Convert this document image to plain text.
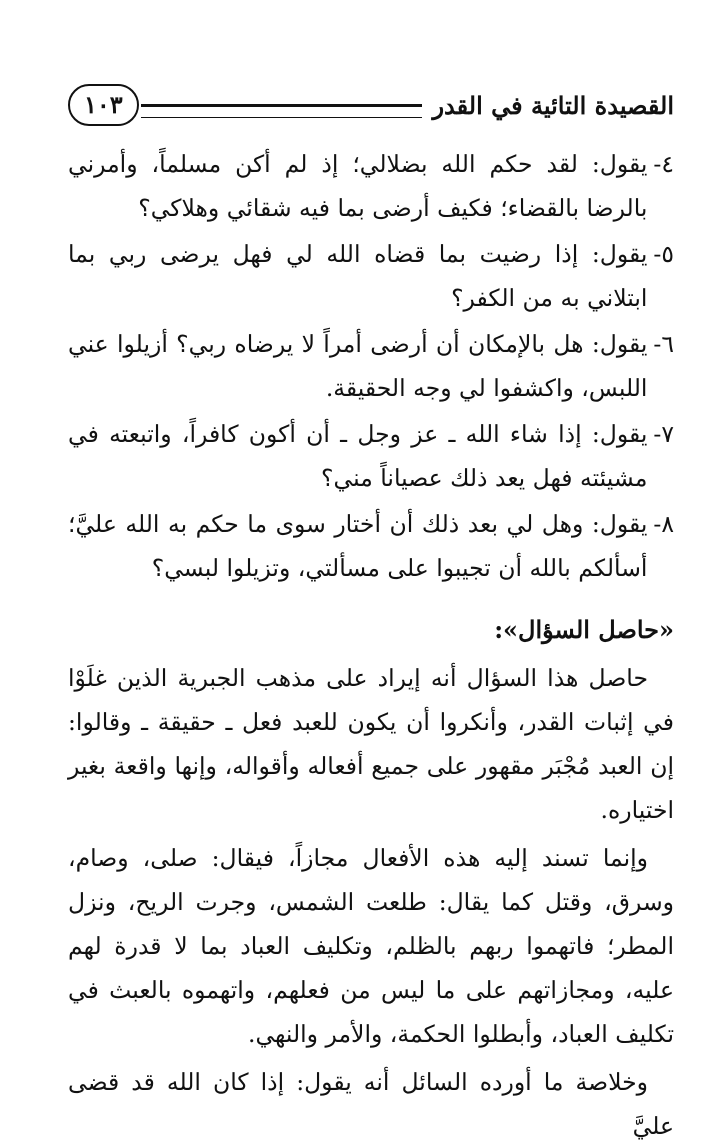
القصيدة التائية في القدر
١٠٣
٤-
يقول: لقد حكم الله بضلالي؛ إذ لم أكن مسلماً، وأمرني بالرضا بالقضاء؛ فكيف أرضى بما فيه شقائي وهلاكي؟
٥-
يقول: إذا رضيت بما قضاه الله لي فهل يرضى ربي بما ابتلاني به من الكفر؟
٦-
يقول: هل بالإمكان أن أرضى أمراً لا يرضاه ربي؟ أزيلوا عني اللبس، واكشفوا لي وجه الحقيقة.
٧-
يقول: إذا شاء الله ـ عز وجل ـ أن أكون كافراً، واتبعته في مشيئته فهل يعد ذلك عصياناً مني؟
٨-
يقول: وهل لي بعد ذلك أن أختار سوى ما حكم به الله عليَّ؛ أسألكم بالله أن تجيبوا على مسألتي، وتزيلوا لبسي؟
«حاصل السؤال»:

حاصل هذا السؤال أنه إيراد على مذهب الجبرية الذين غلَوْا في إثبات القدر، وأنكروا أن يكون للعبد فعل ـ حقيقة ـ وقالوا: إن العبد مُجْبَر مقهور على جميع أفعاله وأقواله، وإنها واقعة بغير اختياره.

وإنما تسند إليه هذه الأفعال مجازاً، فيقال: صلى، وصام، وسرق، وقتل كما يقال: طلعت الشمس، وجرت الريح، ونزل المطر؛ فاتهموا ربهم بالظلم، وتكليف العباد بما لا قدرة لهم عليه، ومجازاتهم على ما ليس من فعلهم، واتهموه بالعبث في تكليف العباد، وأبطلوا الحكمة، والأمر والنهي.

وخلاصة ما أورده السائل أنه يقول: إذا كان الله قد قضى عليَّ
